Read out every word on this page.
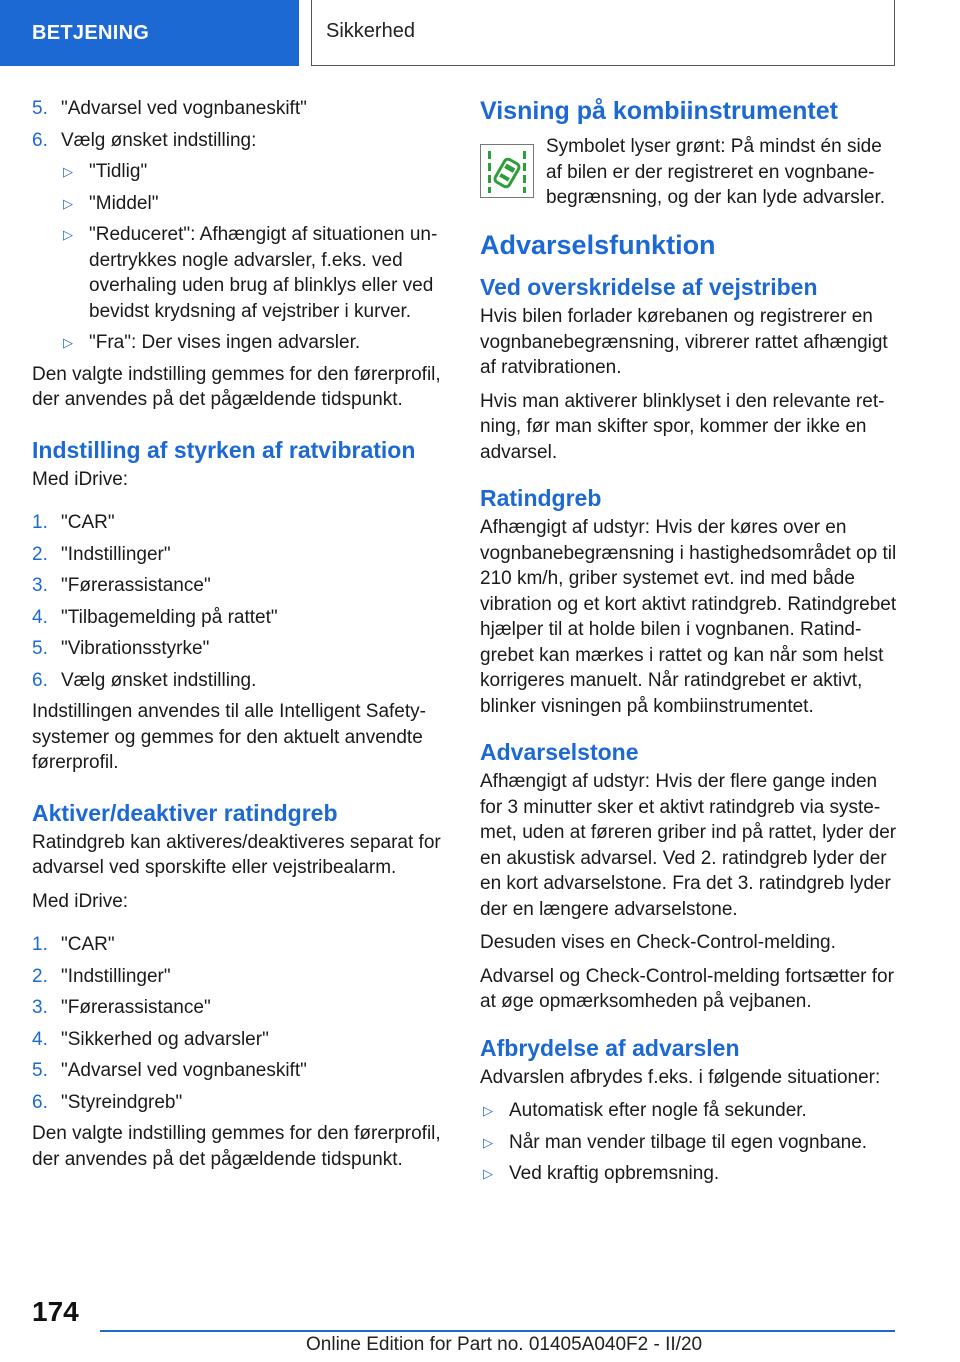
BETJENING	Sikkerhed
5. "Advarsel ved vognbaneskift"
6. Vælg ønsket indstilling:
▷ "Tidlig"
▷ "Middel"
▷ "Reduceret": Afhængigt af situationen undertrykkes nogle advarsler, f.eks. ved overhaling uden brug af blinklys eller ved bevidst krydsning af vejstriber i kurver.
▷ "Fra": Der vises ingen advarsler.

Den valgte indstilling gemmes for den førerprofil, der anvendes på det pågældende tidspunkt.

Indstilling af styrken af ratvibration

Med iDrive:

1. "CAR"
2. "Indstillinger"
3. "Førerassistance"
4. "Tilbagemelding på rattet"
5. "Vibrationsstyrke"
6. Vælg ønsket indstilling.

Indstillingen anvendes til alle Intelligent Safety-systemer og gemmes for den aktuelt anvendte førerprofil.

Aktiver/deaktiver ratindgreb

Ratindgreb kan aktiveres/deaktiveres separat for advarsel ved sporskifte eller vejstribealarm.

Med iDrive:

1. "CAR"
2. "Indstillinger"
3. "Førerassistance"
4. "Sikkerhed og advarsler"
5. "Advarsel ved vognbaneskift"
6. "Styreindgreb"

Den valgte indstilling gemmes for den førerprofil, der anvendes på det pågældende tidspunkt.

Visning på kombiinstrumentet

Symbolet lyser grønt: På mindst én side af bilen er der registreret en vognbanebegrænsning, og der kan lyde advarsler.

Advarselsfunktion
Ved overskridelse af vejstriben

Hvis bilen forlader kørebanen og registrerer en vognbanebegrænsning, vibrerer rattet afhængigt af ratvibrationen.

Hvis man aktiverer blinklyset i den relevante retning, før man skifter spor, kommer der ikke en advarsel.

Ratindgreb

Afhængigt af udstyr: Hvis der køres over en vognbanebegrænsning i hastighedsområdet op til 210 km/h, griber systemet evt. ind med både vibration og et kort aktivt ratindgreb. Ratindgrebet hjælper til at holde bilen i vognbanen. Ratindgrebet kan mærkes i rattet og kan når som helst korrigeres manuelt. Når ratindgrebet er aktivt, blinker visningen på kombiinstrumentet.

Advarselstone

Afhængigt af udstyr: Hvis der flere gange inden for 3 minutter sker et aktivt ratindgreb via systemet, uden at føreren griber ind på rattet, lyder der en akustisk advarsel. Ved 2. ratindgreb lyder der en kort advarselstone. Fra det 3. ratindgreb lyder der en længere advarselstone.

Desuden vises en Check-Control-melding.

Advarsel og Check-Control-melding fortsætter for at øge opmærksomheden på vejbanen.

Afbrydelse af advarslen

Advarslen afbrydes f.eks. i følgende situationer:

▷ Automatisk efter nogle få sekunder.
▷ Når man vender tilbage til egen vognbane.
▷ Ved kraftig opbremsning.
174
Online Edition for Part no. 01405A040F2 - II/20
